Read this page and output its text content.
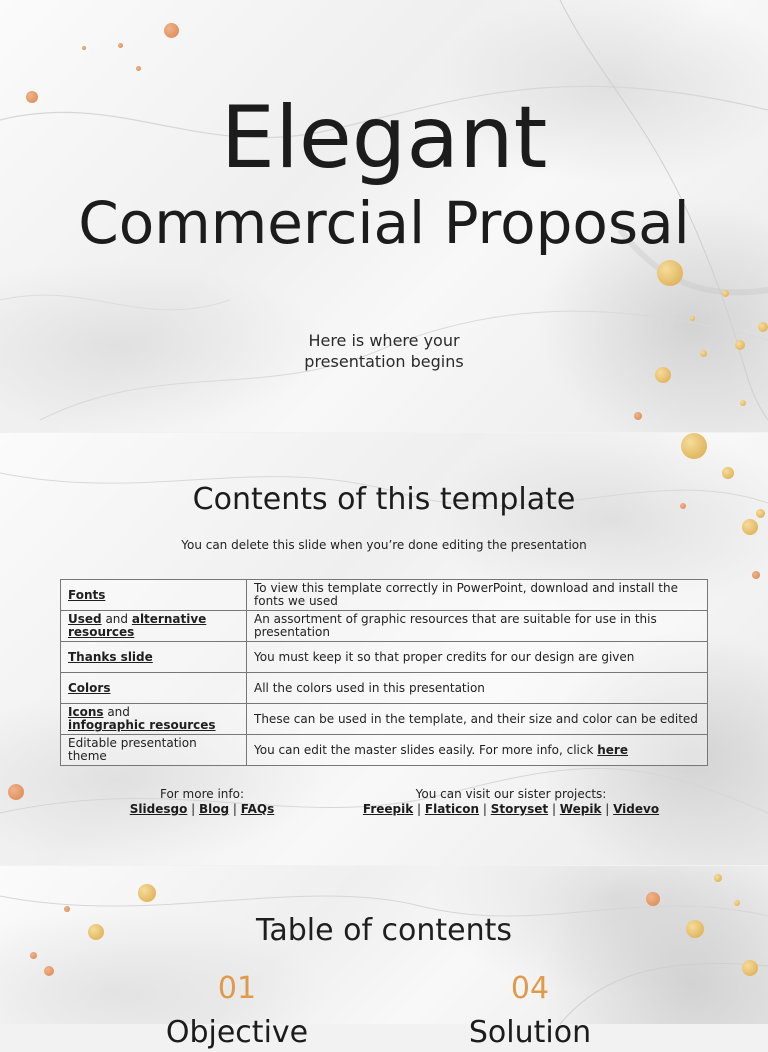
Elegant
Commercial Proposal
Here is where your
presentation begins
Contents of this template
You can delete this slide when you’re done editing the presentation
Fonts	To view this template correctly in PowerPoint, download and install the fonts we used
Used and alternative resources	An assortment of graphic resources that are suitable for use in this presentation
Thanks slide	You must keep it so that proper credits for our design are given
Colors	All the colors used in this presentation
Icons and
infographic resources	These can be used in the template, and their size and color can be edited
Editable presentation theme	You can edit the master slides easily. For more info, click here
For more info:
Slidesgo | Blog | FAQs
You can visit our sister projects:
Freepik | Flaticon | Storyset | Wepik | Videvo
Table of contents
01
Objective
04
Solution
